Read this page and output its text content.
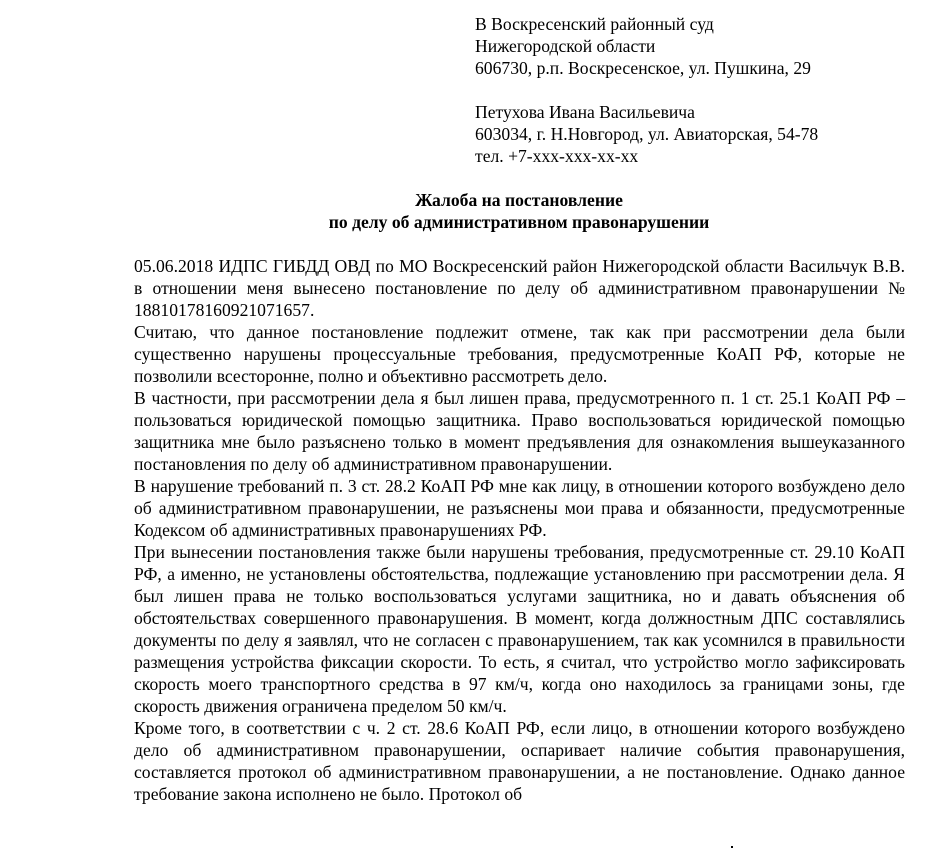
В Воскресенский районный суд
Нижегородской области
606730, р.п. Воскресенское, ул. Пушкина, 29
Петухова Ивана Васильевича
603034, г. Н.Новгород, ул. Авиаторская, 54-78
тел. +7-ххх-ххх-хх-хх
Жалоба на постановление
по делу об административном правонарушении

05.06.2018 ИДПС ГИБДД ОВД по МО Воскресенский район Нижегородской области Васильчук В.В. в отношении меня вынесено постановление по делу об административном правонарушении № 18810178160921071657.

Считаю, что данное постановление подлежит отмене, так как при рассмотрении дела были существенно нарушены процессуальные требования, предусмотренные КоАП РФ, которые не позволили всесторонне, полно и объективно рассмотреть дело.

В частности, при рассмотрении дела я был лишен права, предусмотренного п. 1 ст. 25.1 КоАП РФ – пользоваться юридической помощью защитника. Право воспользоваться юридической помощью защитника мне было разъяснено только в момент предъявления для ознакомления вышеуказанного постановления по делу об административном правонарушении.

В нарушение требований п. 3 ст. 28.2 КоАП РФ мне как лицу, в отношении которого возбуждено дело об административном правонарушении, не разъяснены мои права и обязанности, предусмотренные Кодексом об административных правонарушениях РФ.

При вынесении постановления также были нарушены требования, предусмотренные ст. 29.10 КоАП РФ, а именно, не установлены обстоятельства, подлежащие установлению при рассмотрении дела. Я был лишен права не только воспользоваться услугами защитника, но и давать объяснения об обстоятельствах совершенного правонарушения. В момент, когда должностным ДПС составлялись документы по делу я заявлял, что не согласен с правонарушением, так как усомнился в правильности размещения устройства фиксации скорости. То есть, я считал, что устройство могло зафиксировать скорость моего транспортного средства в 97 км/ч, когда оно находилось за границами зоны, где скорость движения ограничена пределом 50 км/ч.

Кроме того, в соответствии с ч. 2 ст. 28.6 КоАП РФ, если лицо, в отношении которого возбуждено дело об административном правонарушении, оспаривает наличие события правонарушения, составляется протокол об административном правонарушении, а не постановление. Однако данное требование закона исполнено не было. Протокол об
